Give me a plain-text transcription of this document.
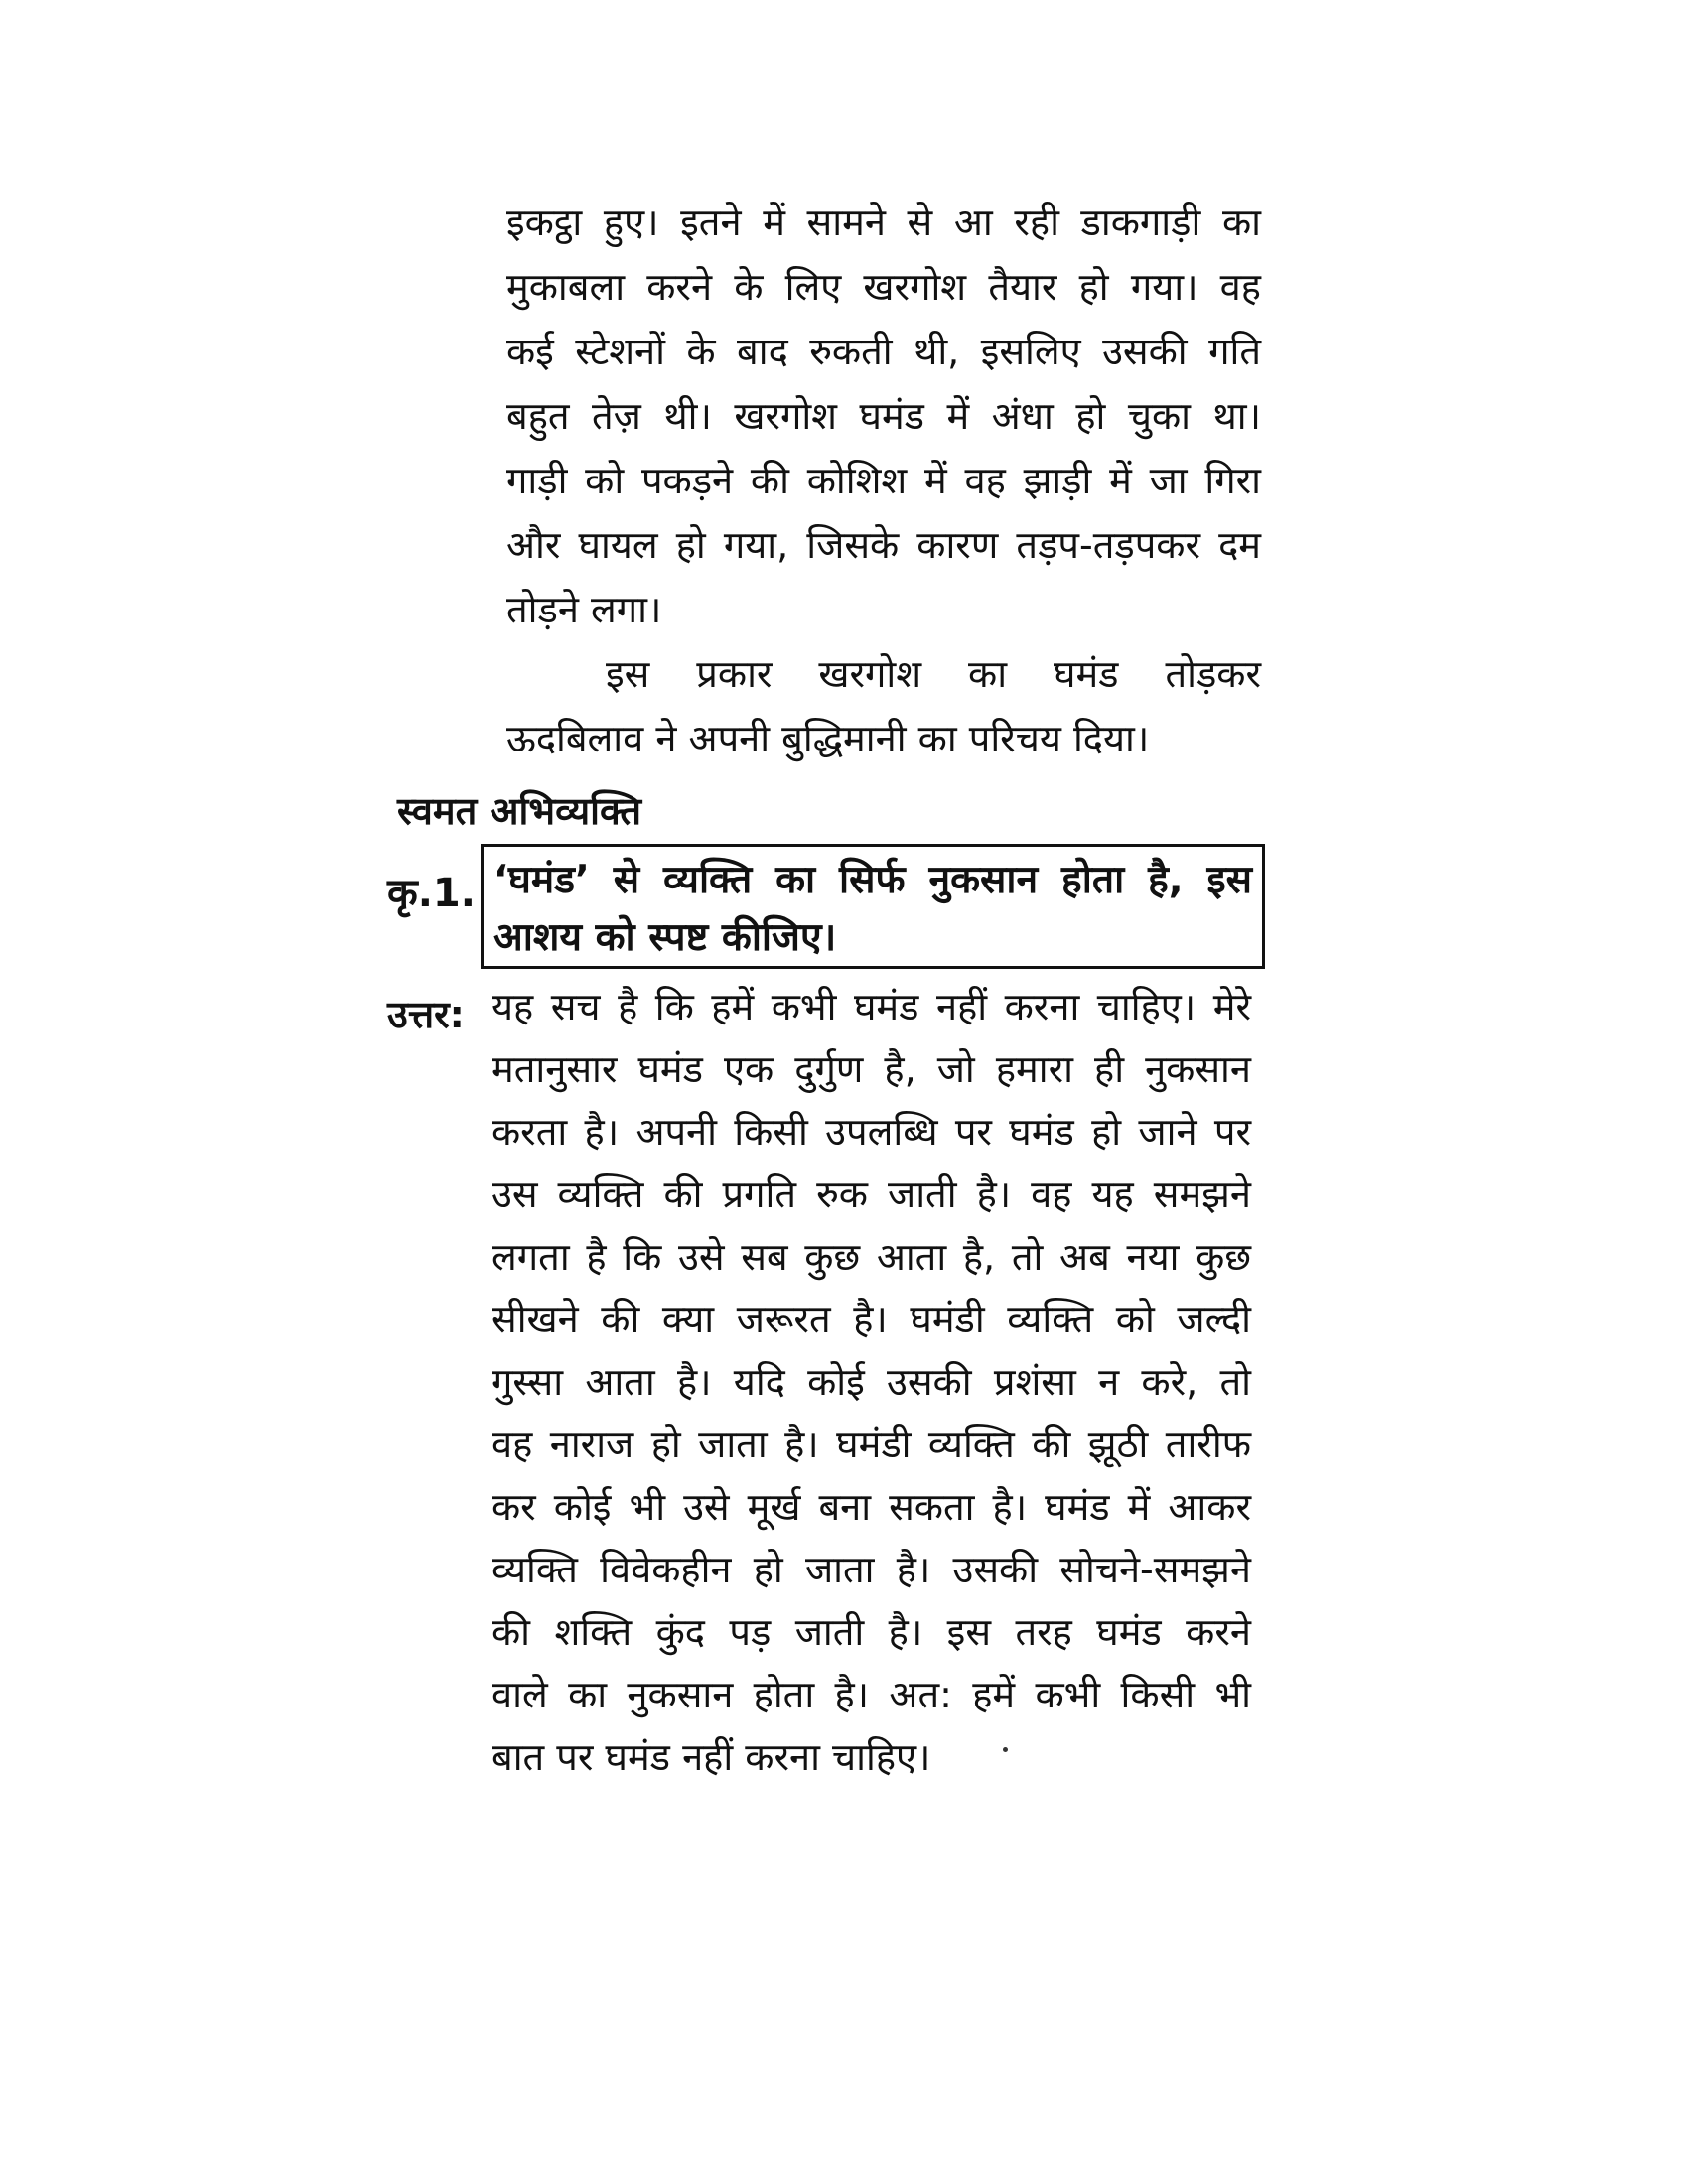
इकट्ठा हुए। इतने में सामने से आ रही डाकगाड़ी का
मुकाबला करने के लिए खरगोश तैयार हो गया। वह
कई स्टेशनों के बाद रुकती थी, इसलिए उसकी गति
बहुत तेज़ थी। खरगोश घमंड में अंधा हो चुका था।
गाड़ी को पकड़ने की कोशिश में वह झाड़ी में जा गिरा
और घायल हो गया, जिसके कारण तड़प-तड़पकर दम
तोड़ने लगा।
इस प्रकार खरगोश का घमंड तोड़कर
ऊदबिलाव ने अपनी बुद्धिमानी का परिचय दिया।
स्वमत अभिव्यक्ति
कृ.1. ‘घमंड’ से व्यक्ति का सिर्फ नुकसान होता है, इस
आशय को स्पष्ट कीजिए।
उत्तर: यह सच है कि हमें कभी घमंड नहीं करना चाहिए। मेरे
मतानुसार घमंड एक दुर्गुण है, जो हमारा ही नुकसान
करता है। अपनी किसी उपलब्धि पर घमंड हो जाने पर
उस व्यक्ति की प्रगति रुक जाती है। वह यह समझने
लगता है कि उसे सब कुछ आता है, तो अब नया कुछ
सीखने की क्या जरूरत है। घमंडी व्यक्ति को जल्दी
गुस्सा आता है। यदि कोई उसकी प्रशंसा न करे, तो
वह नाराज हो जाता है। घमंडी व्यक्ति की झूठी तारीफ
कर कोई भी उसे मूर्ख बना सकता है। घमंड में आकर
व्यक्ति विवेकहीन हो जाता है। उसकी सोचने-समझने
की शक्ति कुंद पड़ जाती है। इस तरह घमंड करने
वाले का नुकसान होता है। अत: हमें कभी किसी भी
बात पर घमंड नहीं करना चाहिए।
